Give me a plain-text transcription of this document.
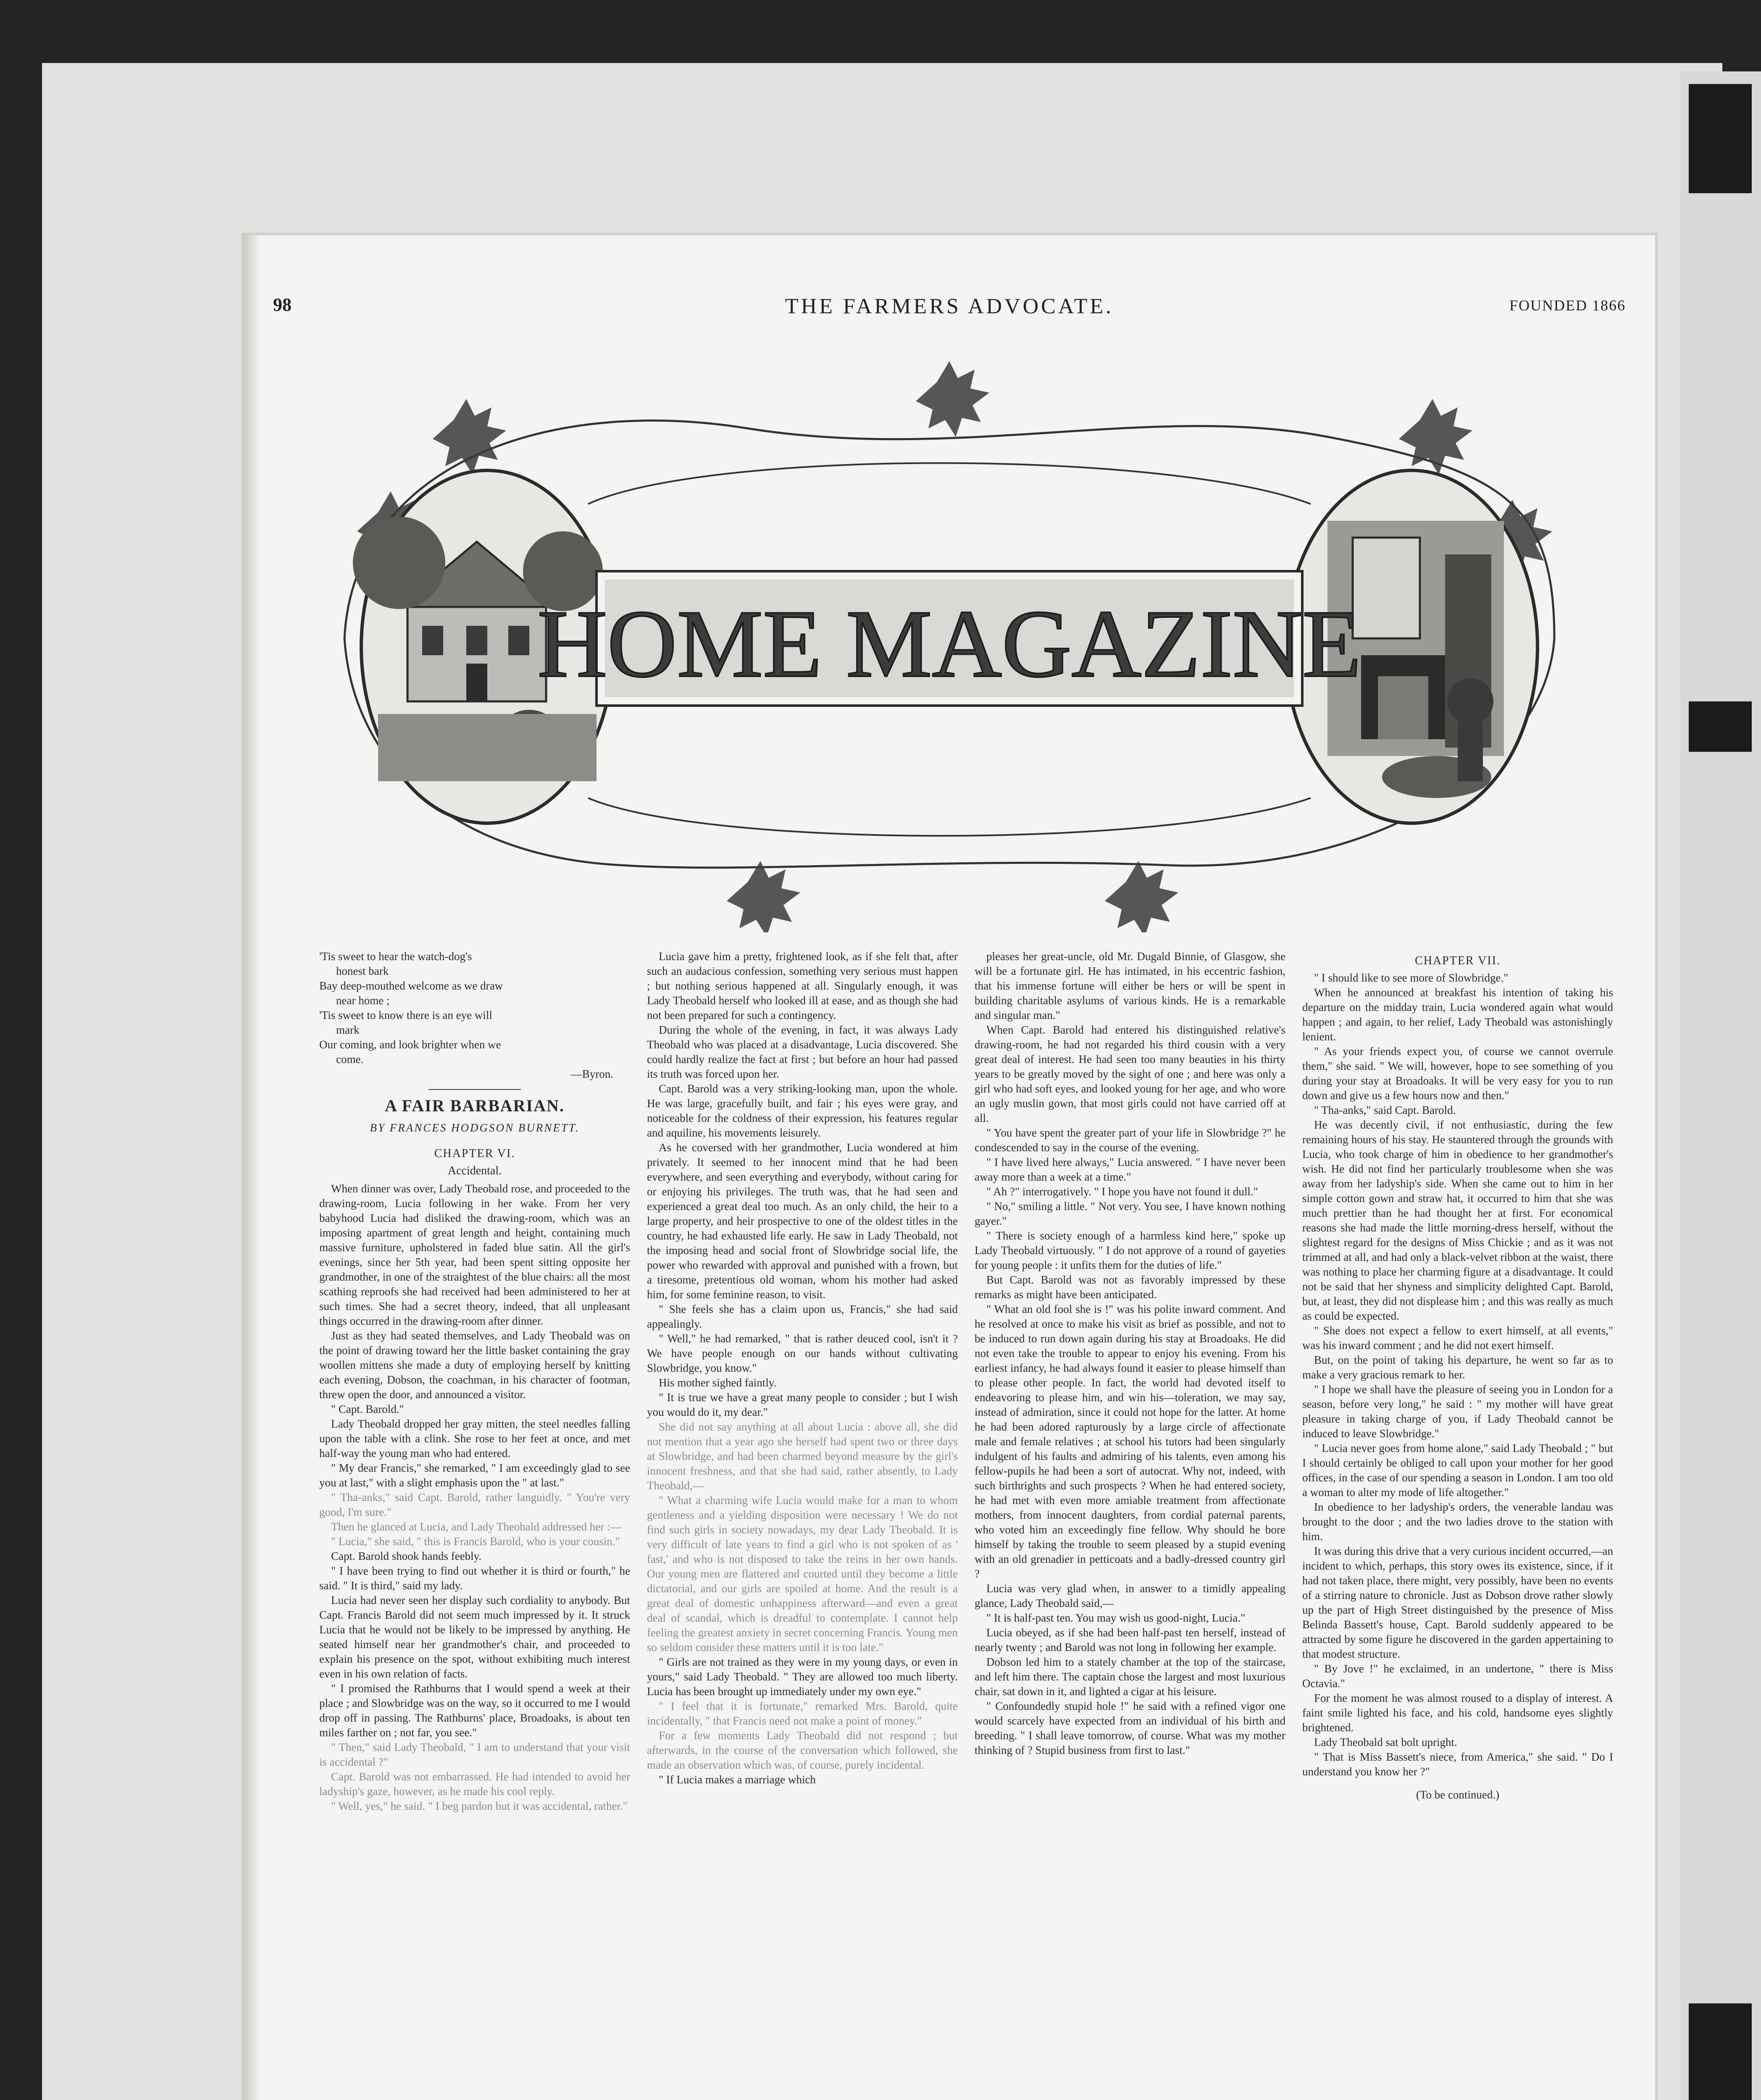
98	THE FARMERS ADVOCATE.	FOUNDED 1866
HOME MAGAZINE
'Tis sweet to hear the watch-dog's
honest bark
Bay deep-mouthed welcome as we draw
near home ;
'Tis sweet to know there is an eye will
mark
Our coming, and look brighter when we
come.
—Byron.
A FAIR BARBARIAN.
BY FRANCES HODGSON BURNETT.
CHAPTER VI.
Accidental.

When dinner was over, Lady Theobald rose, and proceeded to the drawing-room, Lucia following in her wake. From her very babyhood Lucia had disliked the drawing-room, which was an imposing apartment of great length and height, containing much massive furniture, upholstered in faded blue satin. All the girl's evenings, since her 5th year, had been spent sitting opposite her grandmother, in one of the straightest of the blue chairs: all the most scathing reproofs she had received had been administered to her at such times. She had a secret theory, indeed, that all unpleasant things occurred in the drawing-room after dinner.

Just as they had seated themselves, and Lady Theobald was on the point of drawing toward her the little basket containing the gray woollen mittens she made a duty of employing herself by knitting each evening, Dobson, the coachman, in his character of footman, threw open the door, and announced a visitor.

" Capt. Barold."

Lady Theobald dropped her gray mitten, the steel needles falling upon the table with a clink. She rose to her feet at once, and met half-way the young man who had entered.

" My dear Francis," she remarked, " I am exceedingly glad to see you at last," with a slight emphasis upon the " at last."

" Tha-anks," said Capt. Barold, rather languidly. " You're very good, I'm sure."

Then he glanced at Lucia, and Lady Theobald addressed her :—

" Lucia," she said, " this is Francis Barold, who is your cousin."

Capt. Barold shook hands feebly.

" I have been trying to find out whether it is third or fourth," he said. " It is third," said my lady.

Lucia had never seen her display such cordiality to anybody. But Capt. Francis Barold did not seem much impressed by it. It struck Lucia that he would not be likely to be impressed by anything. He seated himself near her grandmother's chair, and proceeded to explain his presence on the spot, without exhibiting much interest even in his own relation of facts.

" I promised the Rathburns that I would spend a week at their place ; and Slowbridge was on the way, so it occurred to me I would drop off in passing. The Rathburns' place, Broadoaks, is about ten miles farther on ; not far, you see."

" Then," said Lady Theobald, " I am to understand that your visit is accidental ?"

Capt. Barold was not embarrassed. He had intended to avoid her ladyship's gaze, however, as he made his cool reply.

" Well, yes," he said. " I beg pardon but it was accidental, rather."

Lucia gave him a pretty, frightened look, as if she felt that, after such an audacious confession, something very serious must happen ; but nothing serious happened at all. Singularly enough, it was Lady Theobald herself who looked ill at ease, and as though she had not been prepared for such a contingency.

During the whole of the evening, in fact, it was always Lady Theobald who was placed at a disadvantage, Lucia discovered. She could hardly realize the fact at first ; but before an hour had passed its truth was forced upon her.

Capt. Barold was a very striking-looking man, upon the whole. He was large, gracefully built, and fair ; his eyes were gray, and noticeable for the coldness of their expression, his features regular and aquiline, his movements leisurely.

As he coversed with her grandmother, Lucia wondered at him privately. It seemed to her innocent mind that he had been everywhere, and seen everything and everybody, without caring for or enjoying his privileges. The truth was, that he had seen and experienced a great deal too much. As an only child, the heir to a large property, and heir prospective to one of the oldest titles in the country, he had exhausted life early. He saw in Lady Theobald, not the imposing head and social front of Slowbridge social life, the power who rewarded with approval and punished with a frown, but a tiresome, pretentious old woman, whom his mother had asked him, for some feminine reason, to visit.

" She feels she has a claim upon us, Francis," she had said appealingly.

" Well," he had remarked, " that is rather deuced cool, isn't it ? We have people enough on our hands without cultivating Slowbridge, you know."

His mother sighed faintly.

" It is true we have a great many people to consider ; but I wish you would do it, my dear."

She did not say anything at all about Lucia : above all, she did not mention that a year ago she herself had spent two or three days at Slowbridge, and had been charmed beyond measure by the girl's innocent freshness, and that she had said, rather absently, to Lady Theobald,—

" What a charming wife Lucia would make for a man to whom gentleness and a yielding disposition were necessary ! We do not find such girls in society nowadays, my dear Lady Theobald. It is very difficult of late years to find a girl who is not spoken of as ' fast,' and who is not disposed to take the reins in her own hands. Our young men are flattered and courted until they become a little dictatorial, and our girls are spoiled at home. And the result is a great deal of domestic unhappiness afterward—and even a great deal of scandal, which is dreadful to contemplate. I cannot help feeling the greatest anxiety in secret concerning Francis. Young men so seldom consider these matters until it is too late."

" Girls are not trained as they were in my young days, or even in yours," said Lady Theobald. " They are allowed too much liberty. Lucia has been brought up immediately under my own eye."

" I feel that it is fortunate," remarked Mrs. Barold, quite incidentally, " that Francis need not make a point of money."

For a few moments Lady Theobald did not respond ; but afterwards, in the course of the conversation which followed, she made an observation which was, of course, purely incidental.

" If Lucia makes a marriage which

pleases her great-uncle, old Mr. Dugald Binnie, of Glasgow, she will be a fortunate girl. He has intimated, in his eccentric fashion, that his immense fortune will either be hers or will be spent in building charitable asylums of various kinds. He is a remarkable and singular man."

When Capt. Barold had entered his distinguished relative's drawing-room, he had not regarded his third cousin with a very great deal of interest. He had seen too many beauties in his thirty years to be greatly moved by the sight of one ; and here was only a girl who had soft eyes, and looked young for her age, and who wore an ugly muslin gown, that most girls could not have carried off at all.

" You have spent the greater part of your life in Slowbridge ?" he condescended to say in the course of the evening.

" I have lived here always," Lucia answered. " I have never been away more than a week at a time."

" Ah ?" interrogatively. " I hope you have not found it dull."

" No," smiling a little. " Not very. You see, I have known nothing gayer."

" There is society enough of a harmless kind here," spoke up Lady Theobald virtuously. " I do not approve of a round of gayeties for young people : it unfits them for the duties of life."

But Capt. Barold was not as favorably impressed by these remarks as might have been anticipated.

" What an old fool she is !" was his polite inward comment. And he resolved at once to make his visit as brief as possible, and not to be induced to run down again during his stay at Broadoaks. He did not even take the trouble to appear to enjoy his evening. From his earliest infancy, he had always found it easier to please himself than to please other people. In fact, the world had devoted itself to endeavoring to please him, and win his—toleration, we may say, instead of admiration, since it could not hope for the latter. At home he had been adored rapturously by a large circle of affectionate male and female relatives ; at school his tutors had been singularly indulgent of his faults and admiring of his talents, even among his fellow-pupils he had been a sort of autocrat. Why not, indeed, with such birthrights and such prospects ? When he had entered society, he had met with even more amiable treatment from affectionate mothers, from innocent daughters, from cordial paternal parents, who voted him an exceedingly fine fellow. Why should he bore himself by taking the trouble to seem pleased by a stupid evening with an old grenadier in petticoats and a badly-dressed country girl ?

Lucia was very glad when, in answer to a timidly appealing glance, Lady Theobald said,—

" It is half-past ten. You may wish us good-night, Lucia."

Lucia obeyed, as if she had been half-past ten herself, instead of nearly twenty ; and Barold was not long in following her example.

Dobson led him to a stately chamber at the top of the staircase, and left him there. The captain chose the largest and most luxurious chair, sat down in it, and lighted a cigar at his leisure.

" Confoundedly stupid hole !" he said with a refined vigor one would scarcely have expected from an individual of his birth and breeding. " I shall leave tomorrow, of course. What was my mother thinking of ? Stupid business from first to last."

CHAPTER VII.

" I should like to see more of Slowbridge."

When he announced at breakfast his intention of taking his departure on the midday train, Lucia wondered again what would happen ; and again, to her relief, Lady Theobald was astonishingly lenient.

" As your friends expect you, of course we cannot overrule them," she said. " We will, however, hope to see something of you during your stay at Broadoaks. It will be very easy for you to run down and give us a few hours now and then."

" Tha-anks," said Capt. Barold.

He was decently civil, if not enthusiastic, during the few remaining hours of his stay. He stauntered through the grounds with Lucia, who took charge of him in obedience to her grandmother's wish. He did not find her particularly troublesome when she was away from her ladyship's side. When she came out to him in her simple cotton gown and straw hat, it occurred to him that she was much prettier than he had thought her at first. For economical reasons she had made the little morning-dress herself, without the slightest regard for the designs of Miss Chickie ; and as it was not trimmed at all, and had only a black-velvet ribbon at the waist, there was nothing to place her charming figure at a disadvantage. It could not be said that her shyness and simplicity delighted Capt. Barold, but, at least, they did not displease him ; and this was really as much as could be expected.

" She does not expect a fellow to exert himself, at all events," was his inward comment ; and he did not exert himself.

But, on the point of taking his departure, he went so far as to make a very gracious remark to her.

" I hope we shall have the pleasure of seeing you in London for a season, before very long," he said : " my mother will have great pleasure in taking charge of you, if Lady Theobald cannot be induced to leave Slowbridge."

" Lucia never goes from home alone," said Lady Theobald ; " but I should certainly be obliged to call upon your mother for her good offices, in the case of our spending a season in London. I am too old a woman to alter my mode of life altogether."

In obedience to her ladyship's orders, the venerable landau was brought to the door ; and the two ladies drove to the station with him.

It was during this drive that a very curious incident occurred,—an incident to which, perhaps, this story owes its existence, since, if it had not taken place, there might, very possibly, have been no events of a stirring nature to chronicle. Just as Dobson drove rather slowly up the part of High Street distinguished by the presence of Miss Belinda Bassett's house, Capt. Barold suddenly appeared to be attracted by some figure he discovered in the garden appertaining to that modest structure.

" By Jove !" he exclaimed, in an undertone, " there is Miss Octavia."

For the moment he was almost roused to a display of interest. A faint smile lighted his face, and his cold, handsome eyes slightly brightened.

Lady Theobald sat bolt upright.

" That is Miss Bassett's niece, from America," she said. " Do I understand you know her ?"

(To be continued.)
